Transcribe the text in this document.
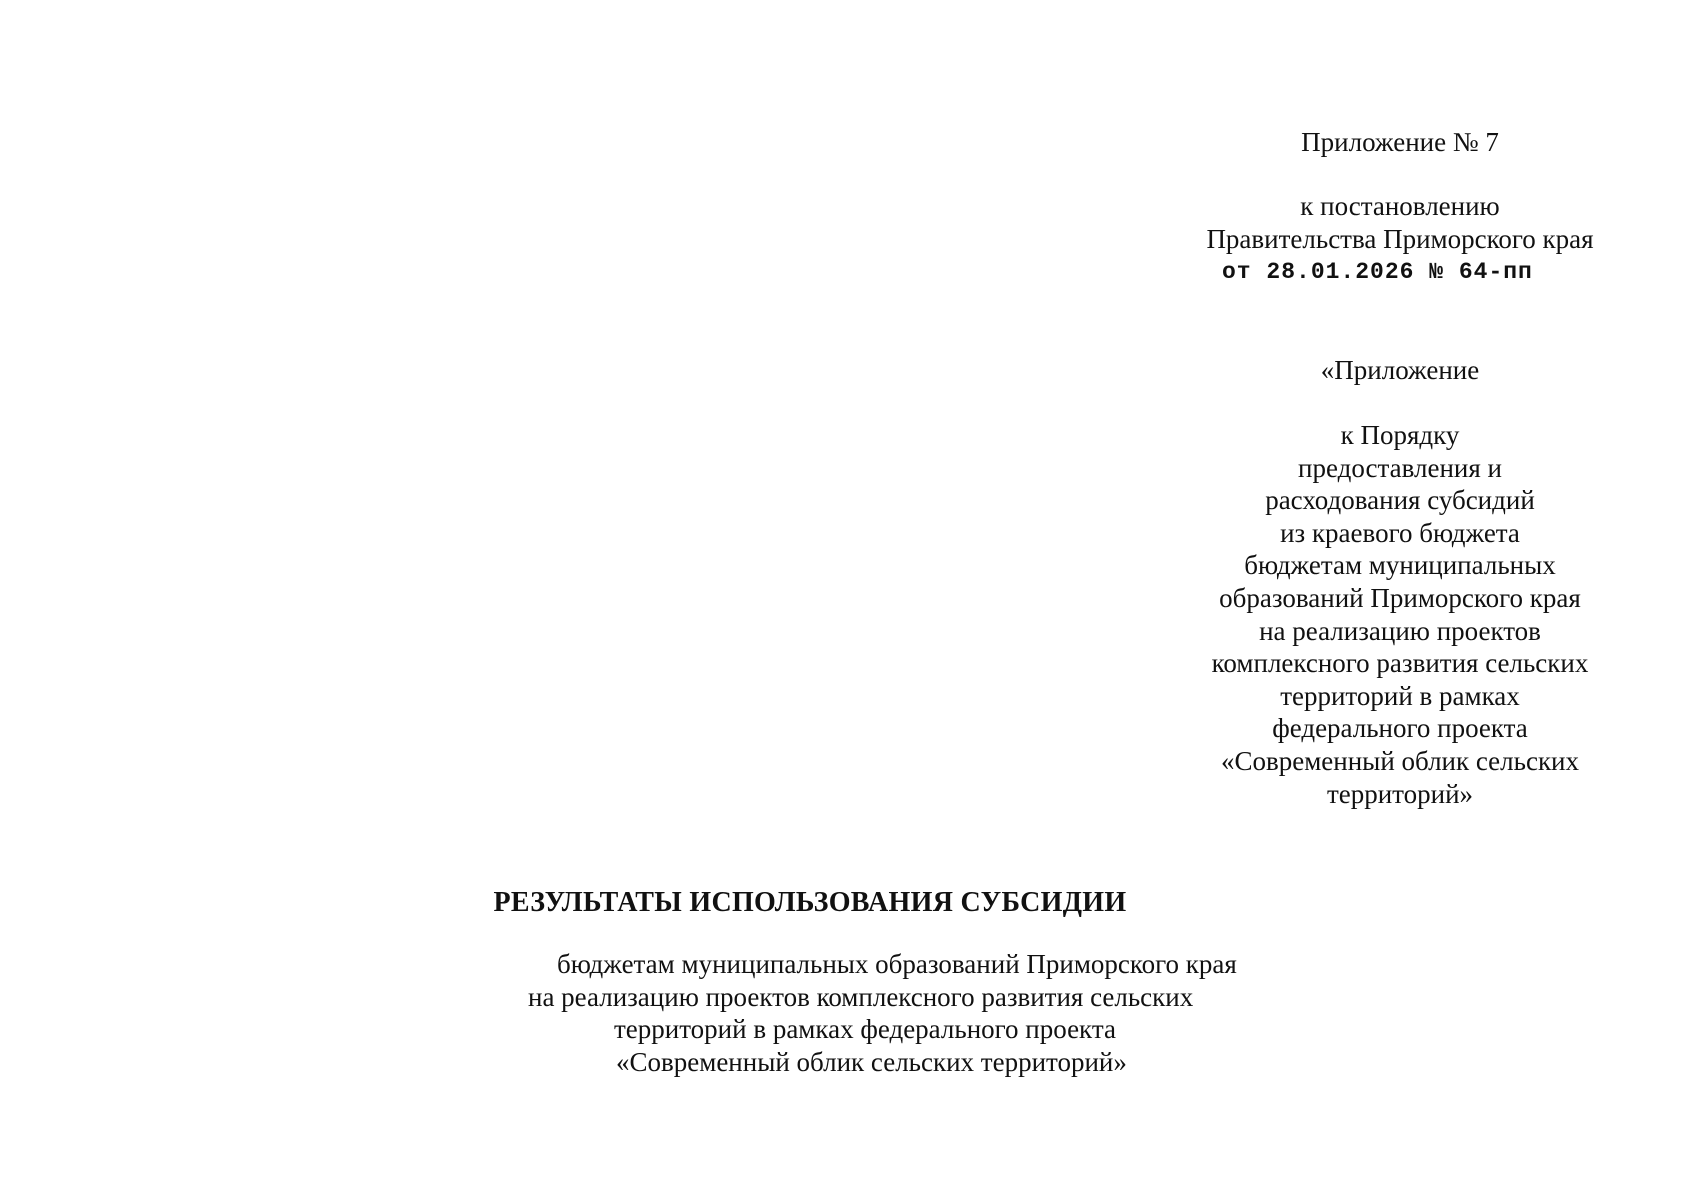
Приложение № 7
к постановлению
Правительства Приморского края
от 28.01.2026 № 64-пп
«Приложение
к Порядку
предоставления и
расходования субсидий
из краевого бюджета
бюджетам муниципальных
образований Приморского края
на реализацию проектов
комплексного развития сельских
территорий в рамках
федерального проекта
«Современный облик сельских
территорий»
РЕЗУЛЬТАТЫ ИСПОЛЬЗОВАНИЯ СУБСИДИИ
бюджетам муниципальных образований Приморского края
на реализацию проектов комплексного развития сельских
территорий в рамках федерального проекта
«Современный облик сельских территорий»
